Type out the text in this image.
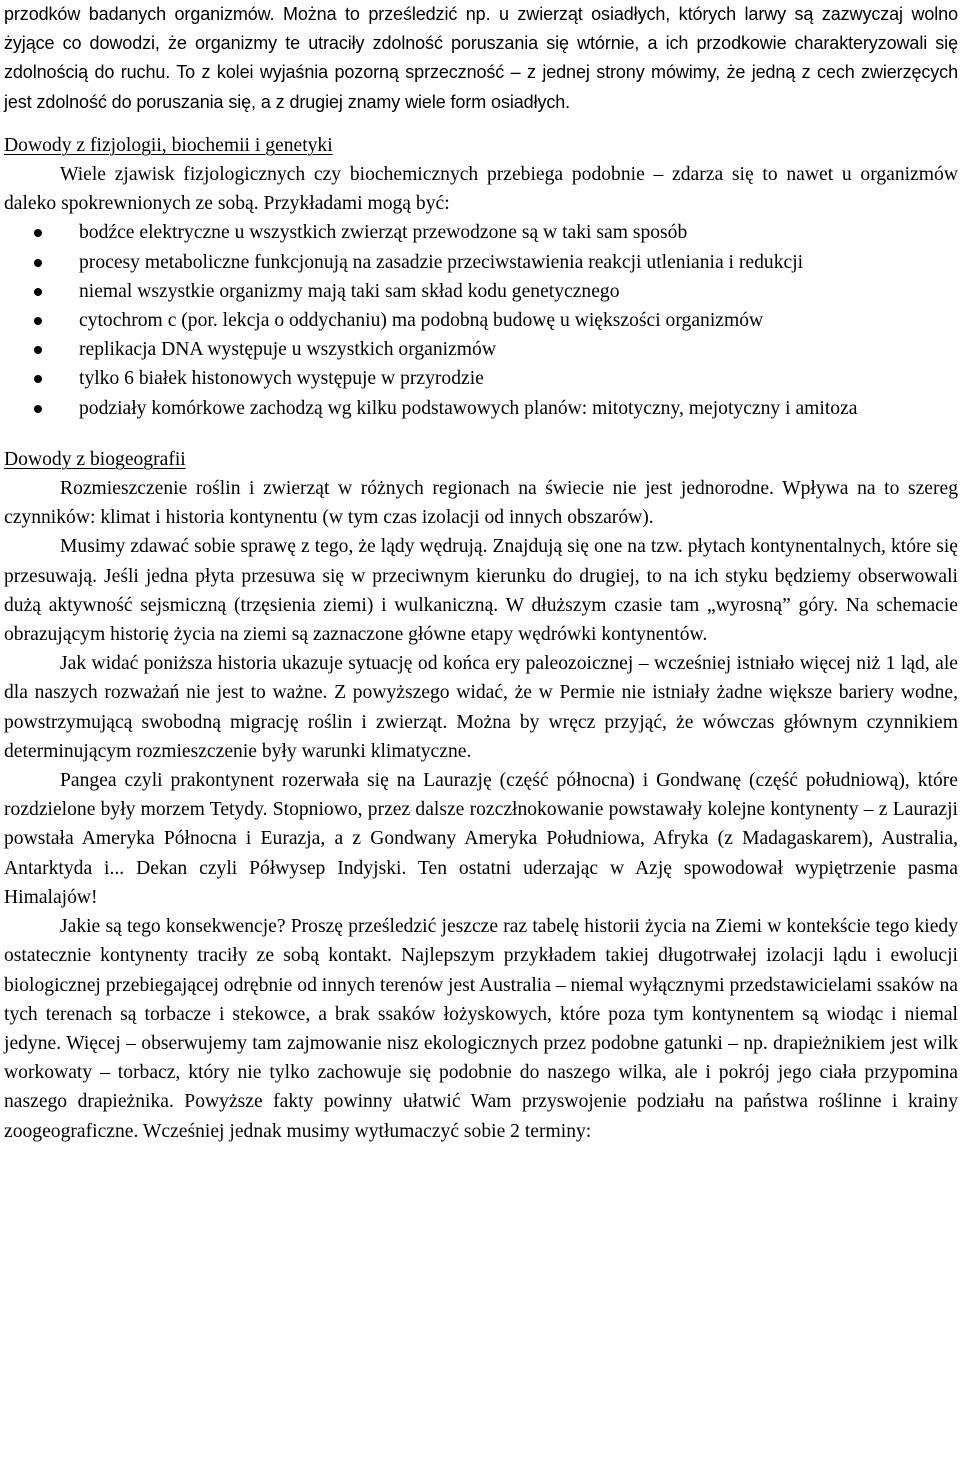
przodków badanych organizmów. Można to prześledzić np. u zwierząt osiadłych, których larwy są zazwyczaj wolno żyjące co dowodzi, że organizmy te utraciły zdolność poruszania się wtórnie, a ich przodkowie charakteryzowali się zdolnością do ruchu. To z kolei wyjaśnia pozorną sprzeczność – z jednej strony mówimy, że jedną z cech zwierzęcych jest zdolność do poruszania się, a z drugiej znamy wiele form osiadłych.

Dowody z fizjologii, biochemii i genetyki

Wiele zjawisk fizjologicznych czy biochemicznych przebiega podobnie – zdarza się to nawet u organizmów daleko spokrewnionych ze sobą. Przykładami mogą być:

bodźce elektryczne u wszystkich zwierząt przewodzone są w taki sam sposób
procesy metaboliczne funkcjonują na zasadzie przeciwstawienia reakcji utleniania i redukcji
niemal wszystkie organizmy mają taki sam skład kodu genetycznego
cytochrom c (por. lekcja o oddychaniu) ma podobną budowę u większości organizmów
replikacja DNA występuje u wszystkich organizmów
tylko 6 białek histonowych występuje w przyrodzie
podziały komórkowe zachodzą wg kilku podstawowych planów: mitotyczny, mejotyczny i amitoza
Dowody z biogeografii

Rozmieszczenie roślin i zwierząt w różnych regionach na świecie nie jest jednorodne. Wpływa na to szereg czynników: klimat i historia kontynentu (w tym czas izolacji od innych obszarów).

Musimy zdawać sobie sprawę z tego, że lądy wędrują. Znajdują się one na tzw. płytach kontynentalnych, które się przesuwają. Jeśli jedna płyta przesuwa się w przeciwnym kierunku do drugiej, to na ich styku będziemy obserwowali dużą aktywność sejsmiczną (trzęsienia ziemi) i wulkaniczną. W dłuższym czasie tam „wyrosną” góry. Na schemacie obrazującym historię życia na ziemi są zaznaczone główne etapy wędrówki kontynentów.

Jak widać poniższa historia ukazuje sytuację od końca ery paleozoicznej – wcześniej istniało więcej niż 1 ląd, ale dla naszych rozważań nie jest to ważne. Z powyższego widać, że w Permie nie istniały żadne większe bariery wodne, powstrzymującą swobodną migrację roślin i zwierząt. Można by wręcz przyjąć, że wówczas głównym czynnikiem determinującym rozmieszczenie były warunki klimatyczne.

Pangea czyli prakontynent rozerwała się na Laurazję (część północna) i Gondwanę (część południową), które rozdzielone były morzem Tetydy. Stopniowo, przez dalsze rozczłnokowanie powstawały kolejne kontynenty – z Laurazji powstała Ameryka Północna i Eurazja, a z Gondwany Ameryka Południowa, Afryka (z Madagaskarem), Australia, Antarktyda i... Dekan czyli Półwysep Indyjski. Ten ostatni uderzając w Azję spowodował wypiętrzenie pasma Himalajów!

Jakie są tego konsekwencje? Proszę prześledzić jeszcze raz tabelę historii życia na Ziemi w kontekście tego kiedy ostatecznie kontynenty traciły ze sobą kontakt. Najlepszym przykładem takiej długotrwałej izolacji lądu i ewolucji biologicznej przebiegającej odrębnie od innych terenów jest Australia – niemal wyłącznymi przedstawicielami ssaków na tych terenach są torbacze i stekowce, a brak ssaków łożyskowych, które poza tym kontynentem są wiodąc i niemal jedyne. Więcej – obserwujemy tam zajmowanie nisz ekologicznych przez podobne gatunki – np. drapieżnikiem jest wilk workowaty – torbacz, który nie tylko zachowuje się podobnie do naszego wilka, ale i pokrój jego ciała przypomina naszego drapieżnika. Powyższe fakty powinny ułatwić Wam przyswojenie podziału na państwa roślinne i krainy zoogeograficzne. Wcześniej jednak musimy wytłumaczyć sobie 2 terminy:
